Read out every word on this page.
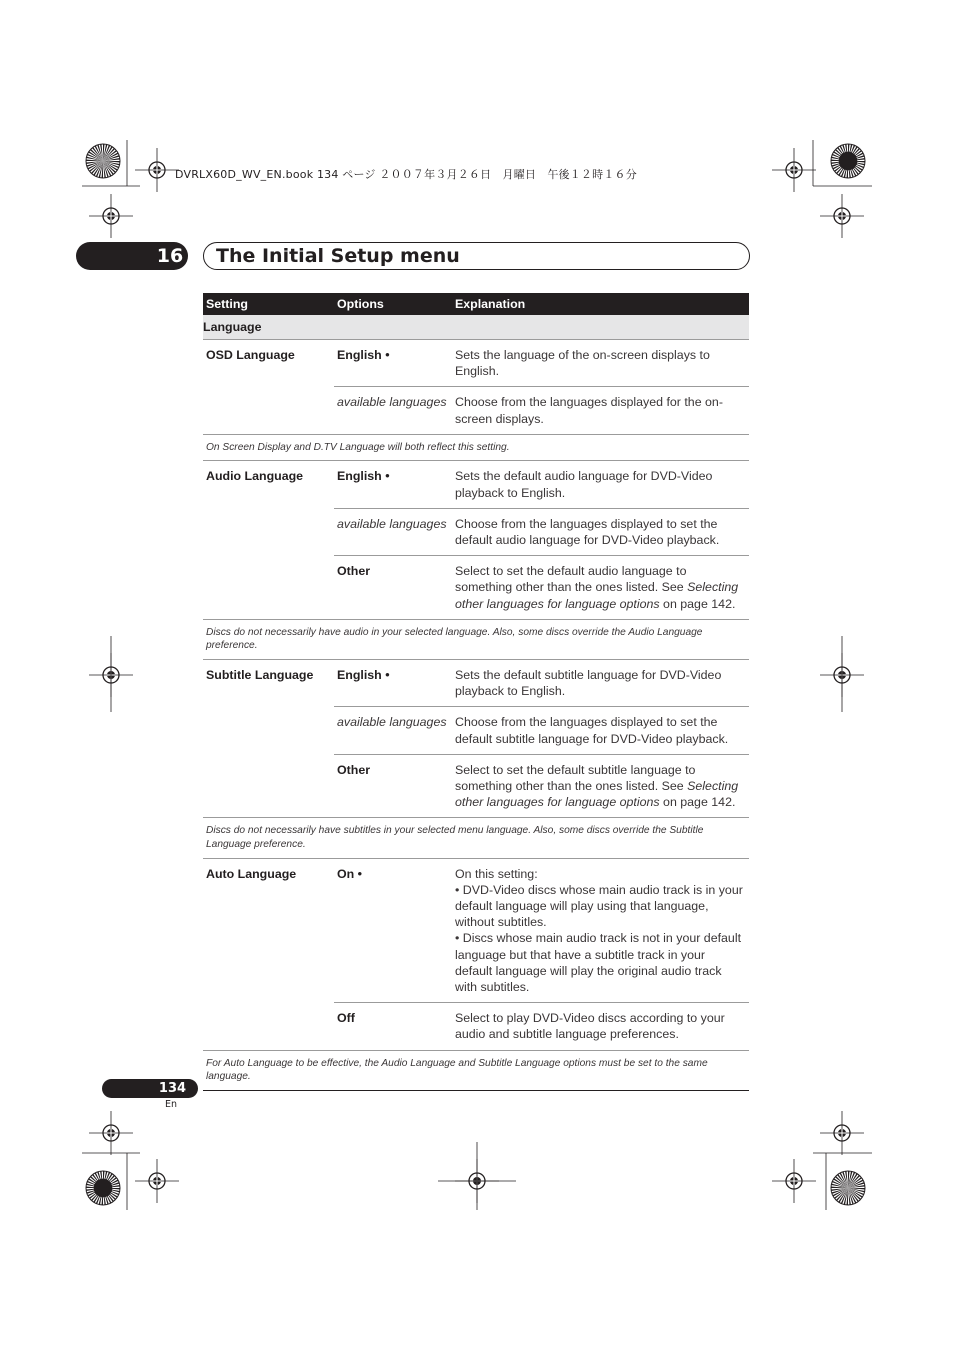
DVRLX60D_WV_EN.book 134 ページ ２００７年３月２６日　月曜日　午後１２時１６分
16	The Initial Setup menu
Setting	Options	Explanation
Language		
OSD Language	English •	Sets the language of the on-screen displays to English.
	available languages	Choose from the languages displayed for the on-screen displays.
On Screen Display and D.TV Language will both reflect this setting.		
Audio Language	English •	Sets the default audio language for DVD-Video playback to English.
	available languages	Choose from the languages displayed to set the default audio language for DVD-Video playback.
	Other	Select to set the default audio language to something other than the ones listed. See Selecting other languages for language options on page 142.
Discs do not necessarily have audio in your selected language. Also, some discs override the Audio Language preference.		
Subtitle Language	English •	Sets the default subtitle language for DVD-Video playback to English.
	available languages	Choose from the languages displayed to set the default subtitle language for DVD-Video playback.
	Other	Select to set the default subtitle language to something other than the ones listed. See Selecting other languages for language options on page 142.
Discs do not necessarily have subtitles in your selected menu language. Also, some discs override the Subtitle Language preference.		
Auto Language	On •	On this setting:
• DVD-Video discs whose main audio track is in your default language will play using that language, without subtitles.
• Discs whose main audio track is not in your default language but that have a subtitle track in your default language will play the original audio track with subtitles.

	Off	Select to play DVD-Video discs according to your audio and subtitle language preferences.
For Auto Language to be effective, the Audio Language and Subtitle Language options must be set to the same language.		
134
En
